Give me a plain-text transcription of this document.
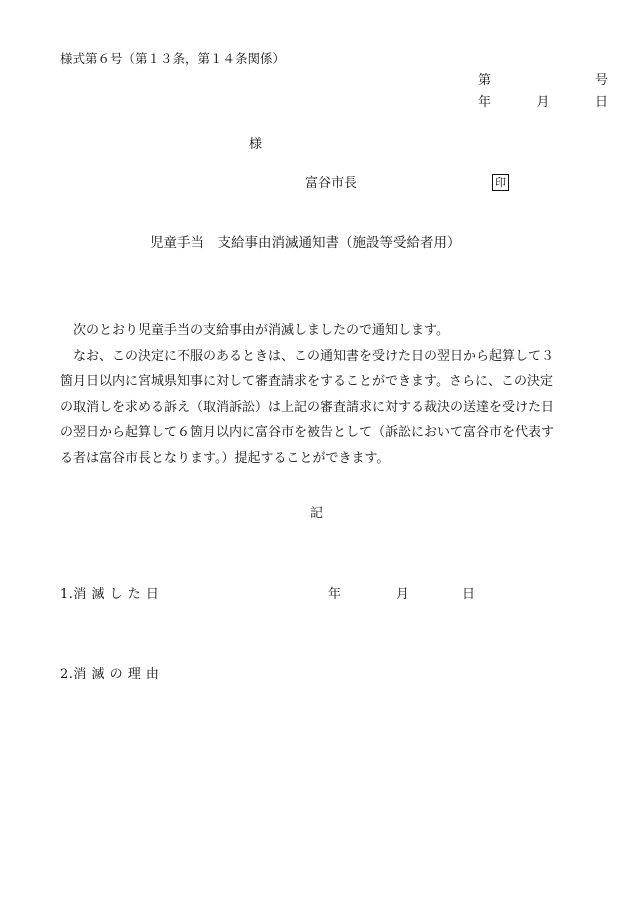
様式第６号（第１３条，第１４条関係）
第	号
年	月	日
様
富谷市長	印
児童手当　支給事由消滅通知書（施設等受給者用）

　次のとおり児童手当の支給事由が消滅しましたので通知します。

　なお、この決定に不服のあるときは、この通知書を受けた日の翌日から起算して３

箇月日以内に宮城県知事に対して審査請求をすることができます。さらに、この決定

の取消しを求める訴え（取消訴訟）は上記の審査請求に対する裁決の送達を受けた日

の翌日から起算して６箇月以内に富谷市を被告として（訴訟において富谷市を代表す

る者は富谷市長となります。）提起することができます。

記
1.消 滅 し た 日	年	月	日
2.消 滅 の 理 由
